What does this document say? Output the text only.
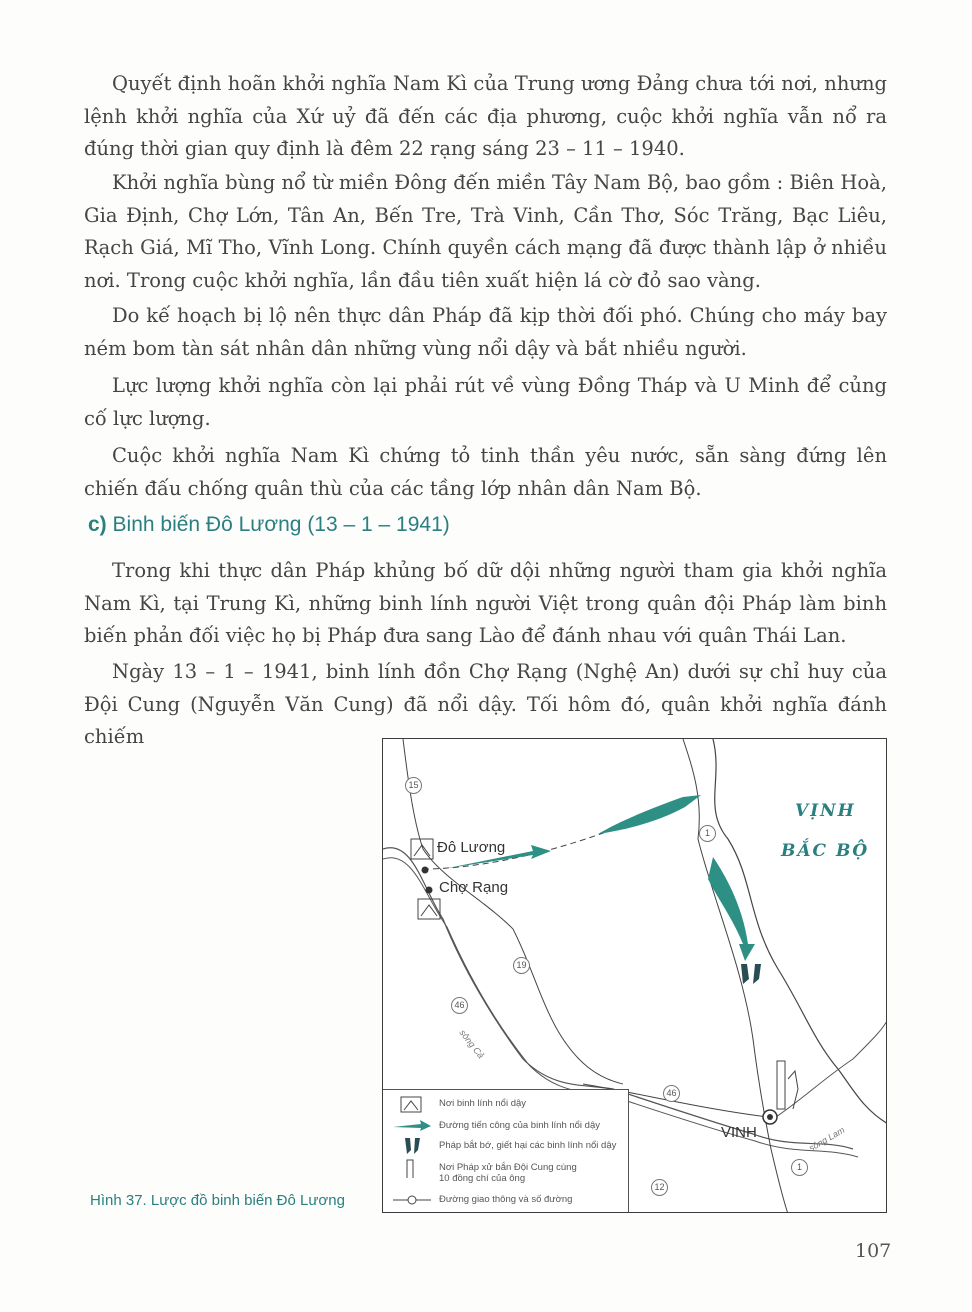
Quyết định hoãn khởi nghĩa Nam Kì của Trung ương Đảng chưa tới nơi, nhưng lệnh khởi nghĩa của Xứ uỷ đã đến các địa phương, cuộc khởi nghĩa vẫn nổ ra đúng thời gian quy định là đêm 22 rạng sáng 23 – 11 – 1940.

Khởi nghĩa bùng nổ từ miền Đông đến miền Tây Nam Bộ, bao gồm : Biên Hoà, Gia Định, Chợ Lớn, Tân An, Bến Tre, Trà Vinh, Cần Thơ, Sóc Trăng, Bạc Liêu, Rạch Giá, Mĩ Tho, Vĩnh Long. Chính quyền cách mạng đã được thành lập ở nhiều nơi. Trong cuộc khởi nghĩa, lần đầu tiên xuất hiện lá cờ đỏ sao vàng.

Do kế hoạch bị lộ nên thực dân Pháp đã kịp thời đối phó. Chúng cho máy bay ném bom tàn sát nhân dân những vùng nổi dậy và bắt nhiều người.

Lực lượng khởi nghĩa còn lại phải rút về vùng Đồng Tháp và U Minh để củng cố lực lượng.

Cuộc khởi nghĩa Nam Kì chứng tỏ tinh thần yêu nước, sẵn sàng đứng lên chiến đấu chống quân thù của các tầng lớp nhân dân Nam Bộ.

c) Binh biến Đô Lương (13 – 1 – 1941)

Trong khi thực dân Pháp khủng bố dữ dội những người tham gia khởi nghĩa Nam Kì, tại Trung Kì, những binh lính người Việt trong quân đội Pháp làm binh biến phản đối việc họ bị Pháp đưa sang Lào để đánh nhau với quân Thái Lan.

Ngày 13 – 1 – 1941, binh lính đồn Chợ Rạng (Nghệ An) dưới sự chỉ huy của Đội Cung (Nguyễn Văn Cung) đã nổi dậy. Tối hôm đó, quân khởi nghĩa đánh chiếm

Đô Lương
Chợ Rạng
VINH
VỊNH
BẮC BỘ
15
1
19
46
46
1
12
sông Cả
sông Lam
Nơi binh lính nổi dậy
Đường tiến công của binh lính nổi dậy
Pháp bắt bớ, giết hại các binh lính nổi dậy
Nơi Pháp xử bắn Đội Cung cùng 10 đồng chí của ông
Đường giao thông và số đường
Hình 37. Lược đồ binh biến Đô Lương
107
